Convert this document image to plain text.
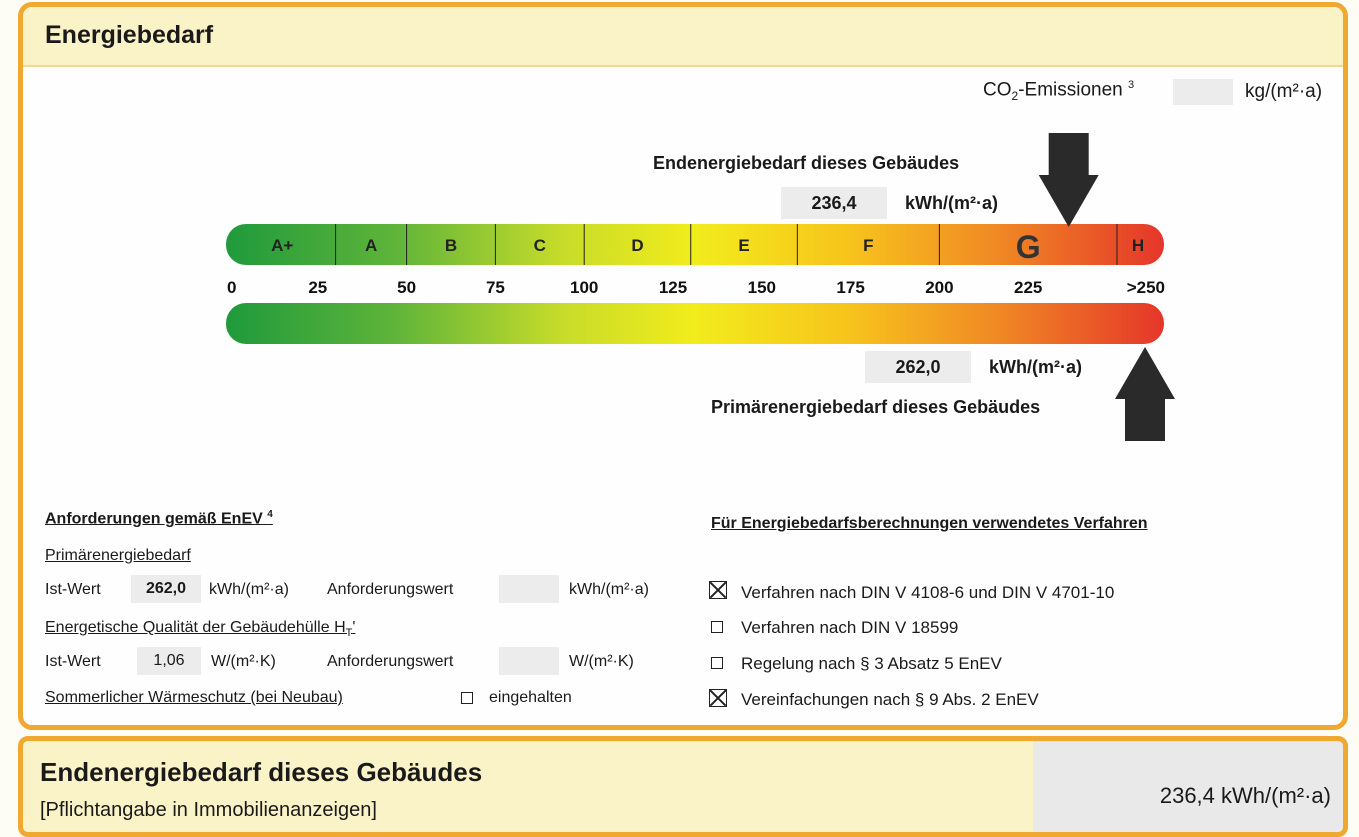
Energiebedarf
$CO_2$-Emissionen $^3$	kg/(m²·a)
Endenergiebedarf dieses Gebäudes
236,4	kWh/(m²·a)
A+	A	B	C	D	E	F	G	H
0	25	50	75	100	125	150	175	200	225	>250
262,0	kWh/(m²·a)
Primärenergiebedarf dieses Gebäudes
Anforderungen gemäß EnEV $^4$
Primärenergiebedarf
Ist-Wert	262,0	kWh/(m²·a) Anforderungswert	kWh/(m²·a)
Energetische Qualität der Gebäudehülle $H_T'$
Ist-Wert	1,06	W/(m²·K)	Anforderungswert	W/(m²·K)
Sommerlicher Wärmeschutz (bei Neubau)	eingehalten
Für Energiebedarfsberechnungen verwendetes Verfahren
Verfahren nach DIN V 4108-6 und DIN V 4701-10
Verfahren nach DIN V 18599
Regelung nach § 3 Absatz 5 EnEV
Vereinfachungen nach § 9 Abs. 2 EnEV
Endenergiebedarf dieses Gebäudes
[Pflichtangabe in Immobilienanzeigen]
236,4 kWh/(m²·a)
